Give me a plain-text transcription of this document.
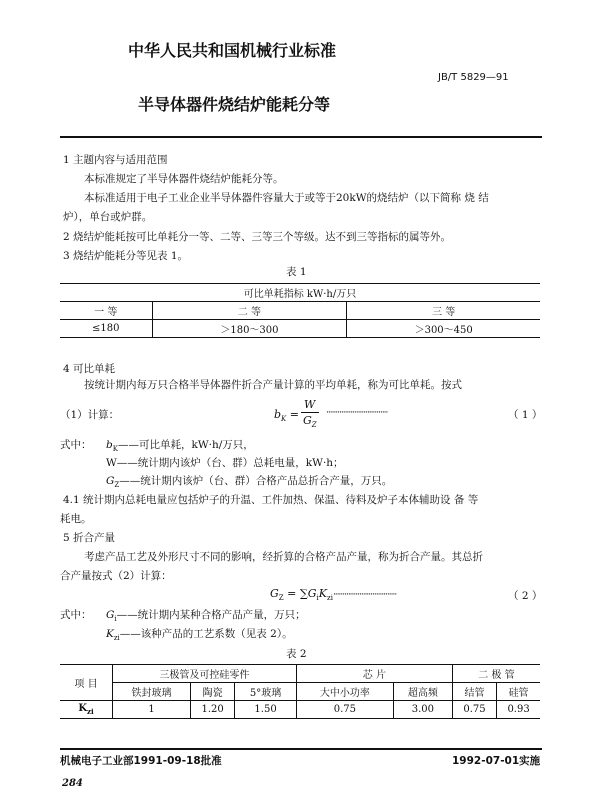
中华人民共和国机械行业标准
JB/T 5829—91
半导体器件烧结炉能耗分等
1 主题内容与适用范围
本标准规定了半导体器件烧结炉能耗分等。
本标准适用于电子工业企业半导体器件容量大于或等于20kW的烧结炉（以下简称 烧 结
炉），单台或炉群。
2 烧结炉能耗按可比单耗分一等、二等、三等三个等级。达不到三等指标的属等外。
3 烧结炉能耗分等见表 1。
表 1
可比单耗指标 kW·h/万只		
一 等	二 等	三 等
≤180	＞180～300	＞300～450
4 可比单耗
按统计期内每万只合格半导体器件折合产量计算的平均单耗，称为可比单耗。按式
（1）计算：	$b_K$ =
W
$G_Z$
·································	（ 1 ）
式中： $b_K——$可比单耗，kW·h/万只，
W——统计期内该炉（台、群）总耗电量，kW·h；
$G_Z——$统计期内该炉（台、群）合格产品总折合产量，万只。
4.1 统计期内总耗电量应包括炉子的升温、工件加热、保温、待料及炉子本体辅助设 备 等
耗电。
5 折合产量
考虑产品工艺及外形尺寸不同的影响，经折算的合格产品产量，称为折合产量。其总折
合产量按式（2）计算：
$G_Z = \sum G_iK_{zi}\cdot\cdot\cdot\cdot\cdot\cdot\cdot\cdot\cdot\cdot\cdot\cdot\cdot\cdot\cdot\cdot\cdot\cdot\cdot\cdot\cdot\cdot\cdot\cdot\cdot\cdot\cdot\cdot\cdot\cdot\cdot\cdot\cdot\cdot$	（ 2 ）
式中： $G_i——$统计期内某种合格产品产量，万只；
$K_{zi}——$该种产品的工艺系数（见表 2）。
表 2
项 目	三极管及可控硅零件			芯 片		二 极 管	
	铁封玻璃	陶瓷	5°玻璃	大中小功率	超高频	结管	硅管
$K_{zi}$	1	1.20	1.50	0.75	3.00	0.75	0.93
机械电子工业部1991-09-18批准	1992-07-01实施
284
